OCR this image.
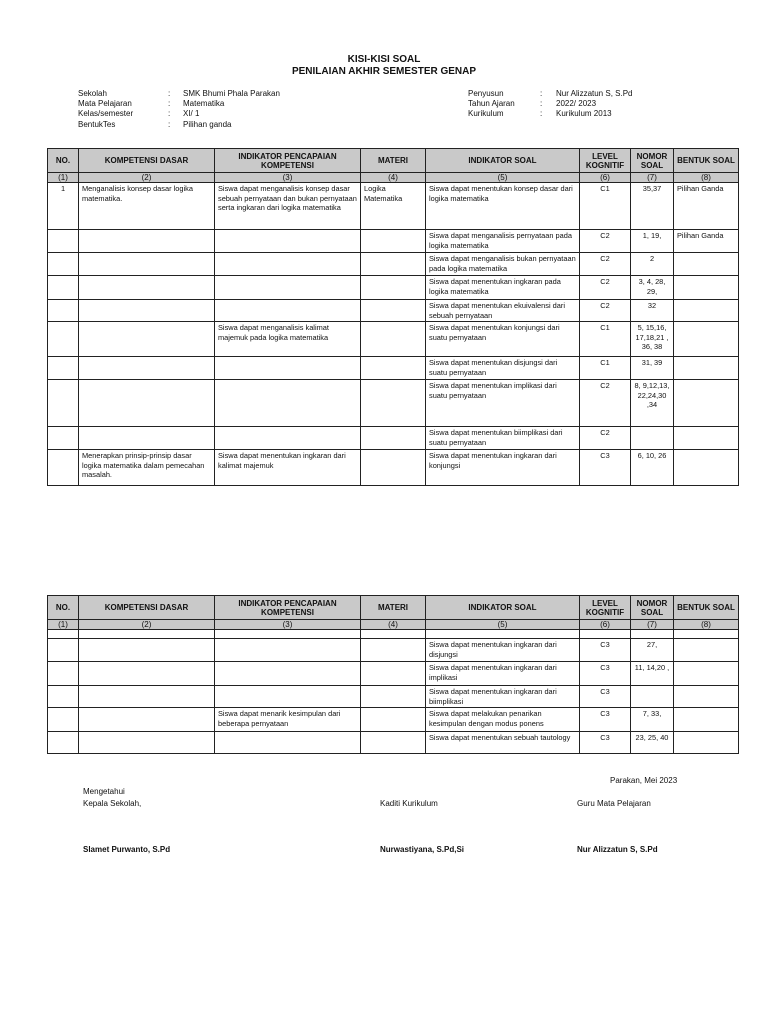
KISI-KISI SOAL
PENILAIAN AKHIR SEMESTER GENAP
Sekolah	: SMK Bhumi Phala Parakan
Mata Pelajaran	: Matematika
Kelas/semester	: XI/ 1
BentukTes	: Pilihan ganda
Penyusun	: Nur Alizzatun S, S.Pd
Tahun Ajaran	: 2022/ 2023
Kurikulum	: Kurikulum 2013
NO.	KOMPETENSI DASAR	INDIKATOR PENCAPAIAN KOMPETENSI	MATERI	INDIKATOR SOAL	LEVEL KOGNITIF	NOMOR SOAL	BENTUK SOAL
(1)	(2)	(3)	(4)	(5)	(6)	(7)	(8)
1	Menganalisis konsep dasar logika matematika.	Siswa dapat menganalisis konsep dasar sebuah pernyataan dan bukan pernyataan serta ingkaran dari logika matematika	Logika Matematika	Siswa dapat menentukan konsep dasar dari logika matematika	C1	35,37	Pilihan Ganda
				Siswa dapat menganalisis pernyataan pada logika matematika	C2	1, 19,	Pilihan Ganda
				Siswa dapat menganalisis bukan pernyataan pada logika matematika	C2	2	
				Siswa dapat menentukan ingkaran pada logika matematika	C2	3, 4, 28, 29,	
				Siswa dapat menentukan ekuivalensi dari sebuah pernyataan	C2	32	
		Siswa dapat menganalisis kalimat majemuk pada logika matematika		Siswa dapat menentukan konjungsi dari suatu pernyataan	C1	5, 15,16, 17,18,21 , 36, 38	
				Siswa dapat menentukan disjungsi dari suatu pernyataan	C1	31, 39	
				Siswa dapat menentukan implikasi dari suatu pernyataan	C2	8, 9,12,13, 22,24,30 ,34	
				Siswa dapat menentukan biimplikasi dari suatu pernyataan	C2		
	Menerapkan prinsip-prinsip dasar logika matematika dalam pemecahan masalah.	Siswa dapat menentukan ingkaran dari kalimat majemuk		Siswa dapat menentukan ingkaran dari konjungsi	C3	6, 10, 26	
NO.	KOMPETENSI DASAR	INDIKATOR PENCAPAIAN KOMPETENSI	MATERI	INDIKATOR SOAL	LEVEL KOGNITIF	NOMOR SOAL	BENTUK SOAL
(1)	(2)	(3)	(4)	(5)	(6)	(7)	(8)

				Siswa dapat menentukan ingkaran dari disjungsi	C3	27,	
				Siswa dapat menentukan ingkaran dari implikasi	C3	11, 14,20 ,	
				Siswa dapat menentukan ingkaran dari biimplikasi	C3		
		Siswa dapat menarik kesimpulan dari beberapa pernyataan		Siswa dapat melakukan penarikan kesimpulan dengan modus ponens	C3	7, 33,	
				Siswa dapat menentukan sebuah tautology	C3	23, 25, 40	
Parakan, Mei 2023
Mengetahui
Kepala Sekolah,	Kaditi Kurikulum	Guru Mata Pelajaran
Slamet Purwanto, S.Pd	Nurwastiyana, S.Pd,Si	Nur Alizzatun S, S.Pd
